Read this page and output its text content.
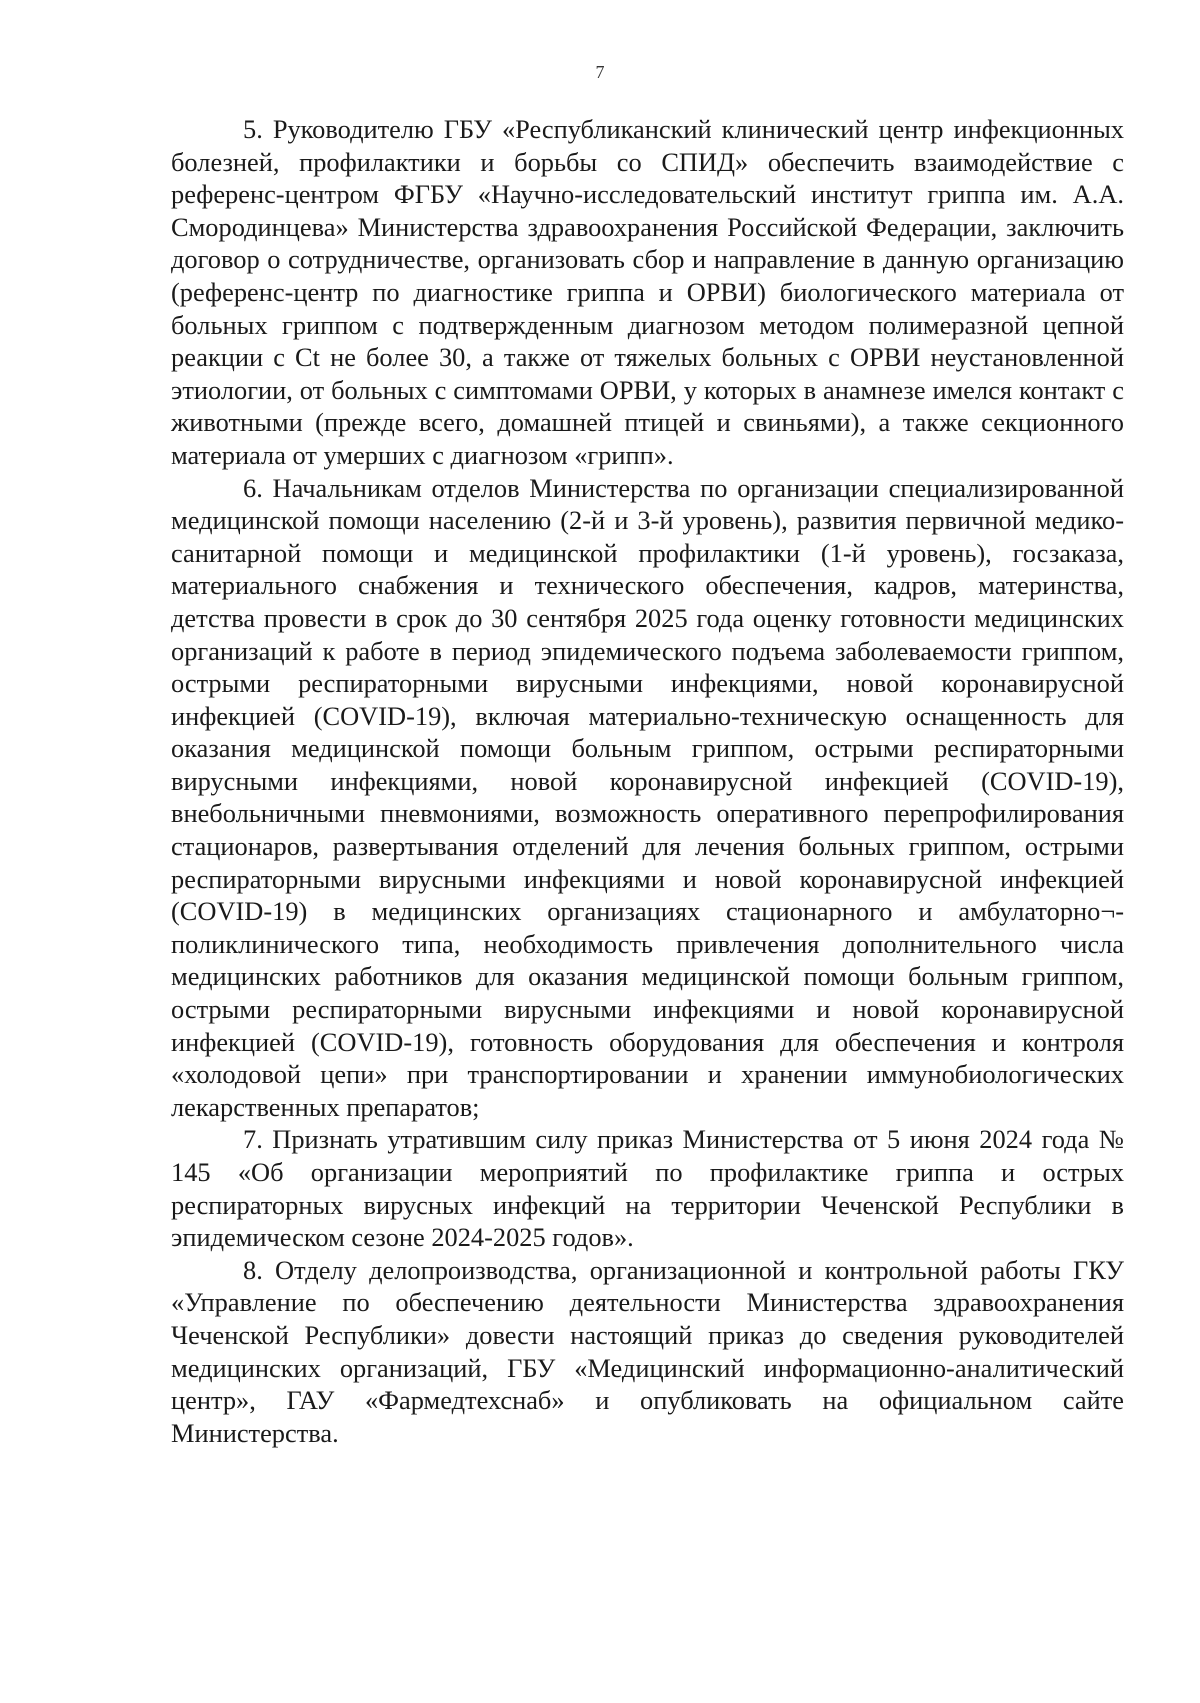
7

5. Руководителю ГБУ «Республиканский клинический центр инфекционных болезней, профилактики и борьбы со СПИД» обеспечить взаимодействие с референс-центром ФГБУ «Научно-исследовательский институт гриппа им. А.А. Смородинцева» Министерства здравоохранения Российской Федерации, заключить договор о сотрудничестве, организовать сбор и направление в данную организацию (референс-центр по диагностике гриппа и ОРВИ) биологического материала от больных гриппом с подтвержденным диагнозом методом полимеразной цепной реакции с Ct не более 30, а также от тяжелых больных с ОРВИ неустановленной этиологии, от больных с симптомами ОРВИ, у которых в анамнезе имелся контакт с животными (прежде всего, домашней птицей и свиньями), а также секционного материала от умерших с диагнозом «грипп».

6. Начальникам отделов Министерства по организации специализированной медицинской помощи населению (2-й и 3-й уровень), развития первичной медико-санитарной помощи и медицинской профилактики (1-й уровень), госзаказа, материального снабжения и технического обеспечения, кадров, материнства, детства провести в срок до 30 сентября 2025 года оценку готовности медицинских организаций к работе в период эпидемического подъема заболеваемости гриппом, острыми респираторными вирусными инфекциями, новой коронавирусной инфекцией (COVID-19), включая материально-техническую оснащенность для оказания медицинской помощи больным гриппом, острыми респираторными вирусными инфекциями, новой коронавирусной инфекцией (COVID-19), внебольничными пневмониями, возможность оперативного перепрофилирования стационаров, развертывания отделений для лечения больных гриппом, острыми респираторными вирусными инфекциями и новой коронавирусной инфекцией (COVID-19) в медицинских организациях стационарного и амбулаторно¬-поликлинического типа, необходимость привлечения дополнительного числа медицинских работников для оказания медицинской помощи больным гриппом, острыми респираторными вирусными инфекциями и новой коронавирусной инфекцией (COVID-19), готовность оборудования для обеспечения и контроля «холодовой цепи» при транспортировании и хранении иммунобиологических лекарственных препаратов;

7. Признать утратившим силу приказ Министерства от 5 июня 2024 года № 145 «Об организации мероприятий по профилактике гриппа и острых респираторных вирусных инфекций на территории Чеченской Республики в эпидемическом сезоне 2024-2025 годов».

8. Отделу делопроизводства, организационной и контрольной работы ГКУ «Управление по обеспечению деятельности Министерства здравоохранения Чеченской Республики» довести настоящий приказ до сведения руководителей медицинских организаций, ГБУ «Медицинский информационно-аналитический центр», ГАУ «Фармедтехснаб» и опубликовать на официальном сайте Министерства.
